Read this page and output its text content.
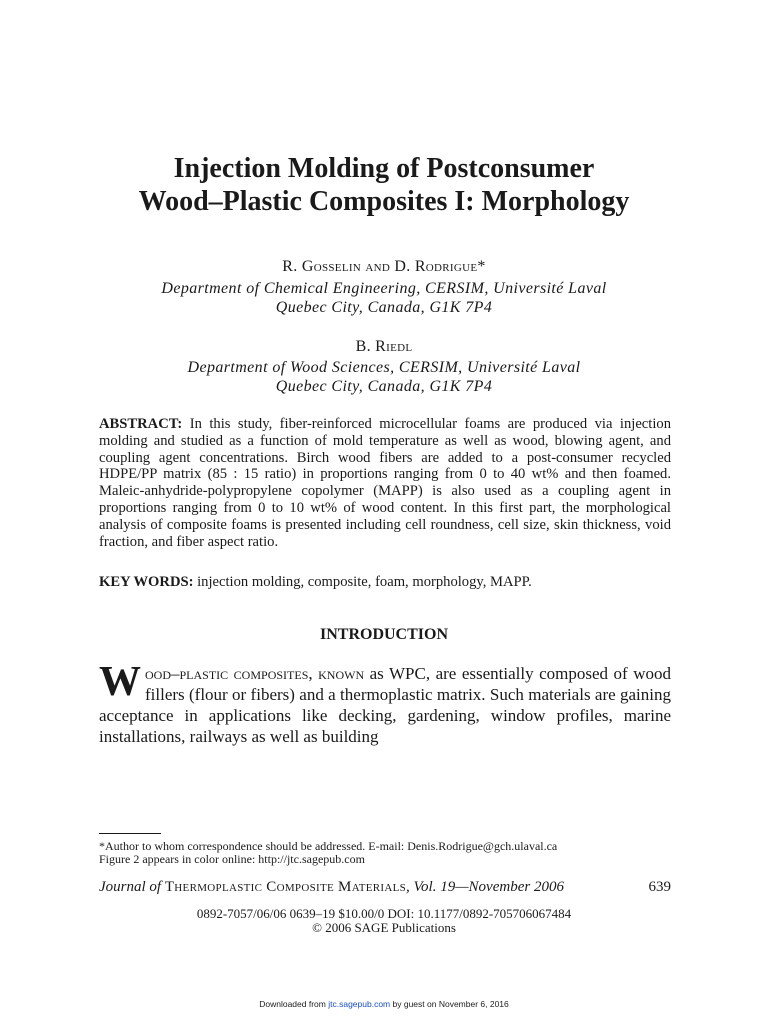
Injection Molding of Postconsumer
Wood–Plastic Composites I: Morphology
R. Gosselin and D. Rodrigue*
Department of Chemical Engineering, CERSIM, Université Laval
Quebec City, Canada, G1K 7P4
B. Riedl
Department of Wood Sciences, CERSIM, Université Laval
Quebec City, Canada, G1K 7P4
ABSTRACT: In this study, fiber-reinforced microcellular foams are produced via injection molding and studied as a function of mold temperature as well as wood, blowing agent, and coupling agent concentrations. Birch wood fibers are added to a post-consumer recycled HDPE/PP matrix (85 : 15 ratio) in proportions ranging from 0 to 40 wt% and then foamed. Maleic-anhydride-polypropylene copolymer (MAPP) is also used as a coupling agent in proportions ranging from 0 to 10 wt% of wood content. In this first part, the morphological analysis of composite foams is presented including cell roundness, cell size, skin thickness, void fraction, and fiber aspect ratio.
KEY WORDS: injection molding, composite, foam, morphology, MAPP.
INTRODUCTION
Wood–plastic composites, known as WPC, are essentially composed of wood fillers (flour or fibers) and a thermoplastic matrix. Such materials are gaining acceptance in applications like decking, gardening, window profiles, marine installations, railways as well as building
*Author to whom correspondence should be addressed. E-mail: Denis.Rodrigue@gch.ulaval.ca
Figure 2 appears in color online: http://jtc.sagepub.com
Journal of Thermoplastic Composite Materials, Vol. 19—November 2006	639
0892-7057/06/06 0639–19 $10.00/0 DOI: 10.1177/0892-705706067484
© 2006 SAGE Publications
Downloaded from jtc.sagepub.com by guest on November 6, 2016
